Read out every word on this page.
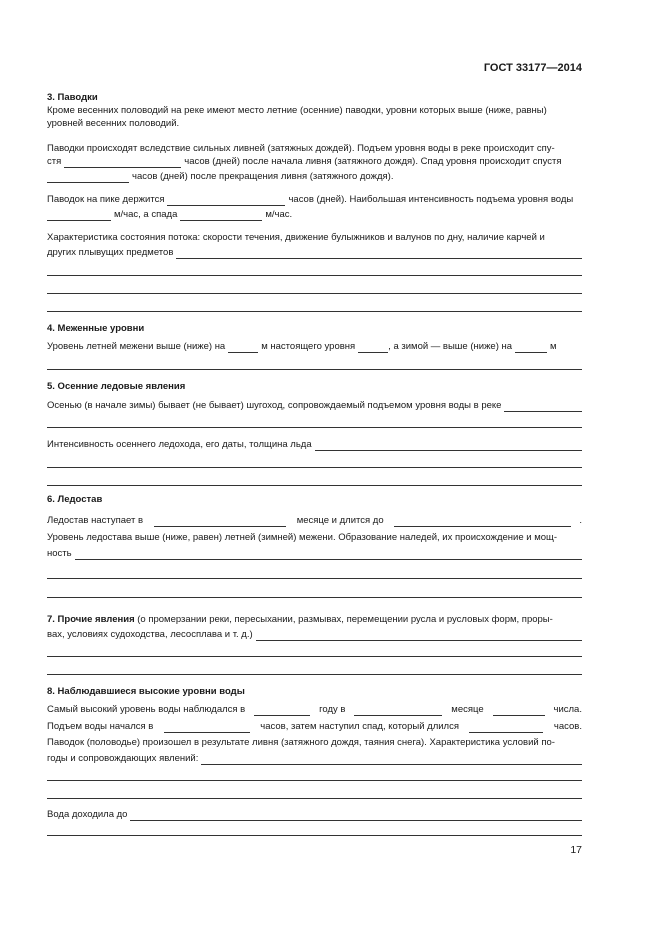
ГОСТ 33177—2014
3. Паводки
Кроме весенних половодий на реке имеют место летние (осенние) паводки, уровни которых выше (ниже, равны)
уровней весенних половодий.
Паводки происходят вследствие сильных ливней (затяжных дождей). Подъем уровня воды в реке происходит спу-
стя	часов (дней) после начала ливня (затяжного дождя). Спад уровня происходит спустя
часов (дней) после прекращения ливня (затяжного дождя).
Паводок на пике держится	часов (дней). Наибольшая интенсивность подъема уровня воды
м/час, а спада	м/час.
Характеристика состояния потока: скорости течения, движение булыжников и валунов по дну, наличие карчей и
других плывущих предметов
4. Меженные уровни
Уровень летней межени выше (ниже) на	м настоящего уровня	, а зимой — выше (ниже) на	м
5. Осенние ледовые явления
Осенью (в начале зимы) бывает (не бывает) шугоход, сопровождаемый подъемом уровня воды в реке
Интенсивность осеннего ледохода, его даты, толщина льда
6. Ледостав
Ледостав наступает в	месяце и длится до	.
Уровень ледостава выше (ниже, равен) летней (зимней) межени. Образование наледей, их происхождение и мощ-
ность
7. Прочие явления (о промерзании реки, пересыхании, размывах, перемещении русла и русловых форм, проры-
вах, условиях судоходства, лесосплава и т. д.)
8. Наблюдавшиеся высокие уровни воды
Самый высокий уровень воды наблюдался в	году в	месяце	числа.
Подъем воды начался в	часов, затем наступил спад, который длился	часов.
Паводок (половодье) произошел в результате ливня (затяжного дождя, таяния снега). Характеристика условий по-
годы и сопровождающих явлений:
Вода доходила до
17
